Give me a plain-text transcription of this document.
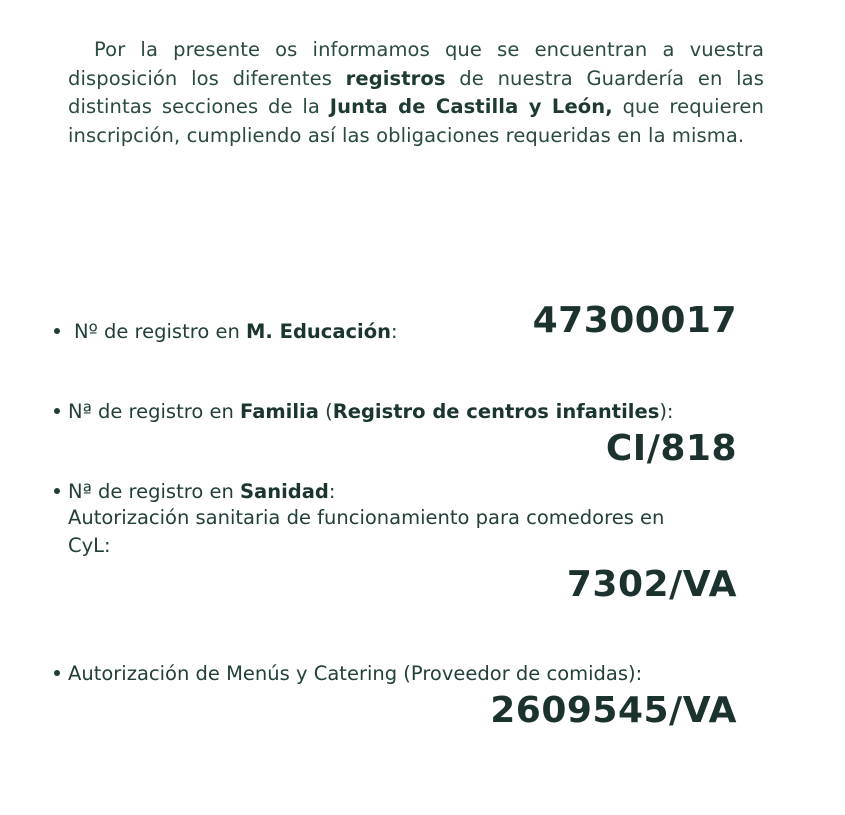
Por la presente os informamos que se encuentran a vuestra disposición los diferentes registros de nuestra Guardería en las distintas secciones de la Junta de Castilla y León, que requieren inscripción, cumpliendo así las obligaciones requeridas en la misma.
Nº de registro en M. Educación:	47300017
Nª de registro en Familia (Registro de centros infantiles):
CI/818
Nª de registro en Sanidad:
Autorización sanitaria de funcionamiento para comedores en
CyL:
7302/VA
Autorización de Menús y Catering (Proveedor de comidas):
2609545/VA
